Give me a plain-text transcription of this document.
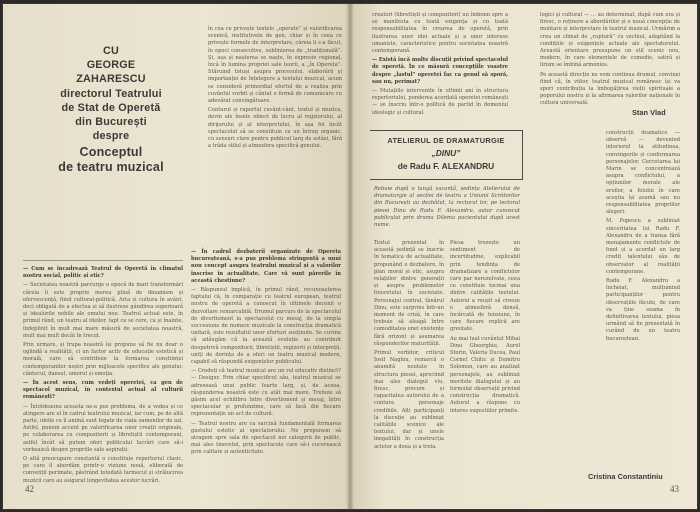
CU
GEORGE
ZAHARESCU
directorul Teatrului
de Stat de Operetă
din București
despre
Conceptul
de teatru muzical

în cea ce privește textele „operate” și valorificarea scenică, institutivele de gen, chiar și în ceea ce privește formele de interpretare, căreia li s-a făcut, în epoci consecutive, sublinierea de „tradițională”. Și, așa și nașterea se naște, în expresie regional, încă în lumina propriei sale teorii, a „în Opereta”. Stăruind totuși asupra procesului, elaborării și importanței de înțelegere a textului muzical, acum se consideră primordial efortul de a realiza prin cuvântul vorbit și cântat o formă de comunicare cu adevărat convingătoare.

Conturul și raportul cuvânt-cânt, textul și muzica, devin ele însele obiect de lucru al regizorului, al dirijorului și al interpretului, în așa fel încât spectacolul să se constituie ca un întreg organic, cu sensuri clare pentru publicul larg de astăzi, fără a trăda stilul și atmosfera specifică genului.

— Cum se încadrează Teatrul de Operetă în climatul nostru social, politic și etic?

— Societatea noastră parcurge o epocă de mari transformări căreia îi este proprie mereu plină de dinamism și efervescență, fiind cultural-politică. Arta și cultura în avânt, deci obligată de a efectua și să ilustreze gândirea superioară și idealurile nobile ale omului nou. Teatrul actual este, în primul rând, un teatru al ideilor, fapt ce se cere, ca și înainte, îndeplinit în mult mai mare măsură de societatea noastră, mult mai mult decât în trecut.

Prin urmare, și trupa noastră își propune să fie nu doar o oglindă a realității, ci un factor activ de educație estetică și morală, care să contribuie la formarea conștiinței contemporanilor noștri prin mijloacele specifice ale genului: cântecul, dansul, umorul și emoția.

— În acest sens, cum vedeți operetei, ca gen de spectacol muzical, în contextul actual al culturii românești?

— Întotdeauna aceasta ne-a pus problema, de a vedea și ce atingere are el în cadrul teatrului muzical, iar cum, pe de altă parte, ideile ce îl animă sunt legate de viața oamenilor de azi. Astfel, punem accent pe valorificarea unor creații originale, pe colaborarea cu compozitorii și libretiștii contemporani, astfel încât să putem oferi publicului lucrări care să-i vorbească despre propriile sale aspirații.

O altă preocupare constantă o constituie repertoriul clasic, pe care îl abordăm printr-o viziune nouă, eliberată de convenții perimate, păstrând totodată farmecul și strălucirea muzicii care au asigurat longevitatea acestor lucrări.

— În cadrul dezbaterii organizate de Opereta bucureșteană, s-a pus problema stringentă a unui nou concept asupra teatrului muzical și a valorilor înscrise în actualitate. Care vă sunt părerile în această chestiune?

— Răspunsul implică, în primul rând, recunoașterea faptului că, în comparație cu teatrul european, teatrul nostru de operetă a cunoscut în ultimele decenii o dezvoltare remarcabilă. Drumul parcurs de la spectacolul de divertisment la spectacolul cu mesaj, de la simpla succesiune de numere muzicale la construcția dramatică unitară, este rezultatul unor eforturi susținute. Se cuvine să adăugăm că la această evoluție au contribuit deopotrivă compozitorii, libretiștii, regizorii și interpreții, uniți de dorința de a oferi un teatru muzical modern, capabil să răspundă exigențelor publicului.

— Credeți că teatrul muzical are un rol educativ distinct? — Desigur. Prin chiar specificul său, teatrul muzical se adresează unui public foarte larg, și, de aceea, răspunderea noastră este cu atât mai mare. Trebuie să găsim acel echilibru între divertisment și mesaj, între spectacular și profunzime, care să facă din fiecare reprezentație un act de cultură.

— Teatrul nostru are ca sarcină fundamentală formarea gustului estetic al spectatorului. Ne propunem să atragem spre sala de spectacol noi categorii de public, mai ales tineretul, prin spectacole care să-i cucerească prin calitate și autenticitate.

42

creatori (librettiști și compozitori) un îndemn spre a se manifesta cu toată exigența și cu toată responsabilitatea în crearea de operetă, prin ilustrarea unor idei actuale și a unor interese umaniste, caracteristice pentru societatea noastră contemporană.

— Există încă multe discuții privind spectacolul de operetă. În ce măsură concepțiile voastre despre „lastul” operetei fac ca genul să sporă, sau nu, perimat?

— Mutațiile intervenite în ultimii ani în structura repertoriului, ponderea acordată operetei românești — se înscriu într-o politică de partid în domeniul ideologic și cultural.

logici și cultural — ... au determinat, după cum era și firesc, o reținere a abordărilor și o nouă concepție de montare și interpretare în teatrul muzical. Urmărim a crea un climat de „ruptură” cu vechiul, adaptând la condițiile și exigențele actuale ale spectatorului. Această orientare presupune un stil scenic nou, modern, în care elementele de comedie, satiră și lirism se îmbină armonios.

Pe această direcție ne vom continua drumul, convinși fiind că, în viitor, teatrul muzical românesc își va spori contribuția la îmbogățirea vieții spirituale a poporului nostru și la afirmarea valorilor naționale în cultura universală.

Stan Vlad
ATELIERUL DE DRAMATURGIE
„DINU”
de Radu F. ALEXANDRU
Rebuie după o lungă vacanță, ședința Atelierului de dramaturgie al secției de teatru a Uniunii Scriitorilor din București au dezbătut, la rectorul lor, pe lectorul piesei Dinu de Radu F. Alexandru, autor cunoscut publicului prin drama Dilema pacientului după acest nume.

Textul prezentat în această ședință se înscrie în tematica de actualitate, propunând o dezbatere, în plan moral și etic, asupra relațiilor dintre generații și asupra problemelor tineretului în societate. Personajul central, tânărul Dinu, este surprins într-un moment de criză, în care trebuie să aleagă între comoditatea unei existențe fără orizont și asumarea răspunderilor maturității.

Primul vorbitor, criticul Iosif Naghiu, remarcă o anumită noutate în structura piesei, apreciind mai ales dialogul viu, firesc, precum și capacitatea autorului de a contura personaje credibile. Alți participanți la discuție au subliniat calitățile scenice ale textului, dar și unele inegalități în construcția actelor a doua și a treia.

Piesa trezește un sentiment de incertitudine, explicabil prin tendința de dramatizare a conflictelor care par nerezolvate, ceea ce constituie tocmai una dintre calitățile textului. Autorul a reușit să creeze o atmosferă densă, încărcată de tensiune, în care fiecare replică are greutate.

Au mai luat cuvântul Mihai Dinu Gheorghiu, Aurel Storin, Valeria Ducea, Paul Cornel Chitic și Dumitru Solomon, care au analizat personajele, au subliniat meritele dialogului și au formulat observații privind construcția dramatică. Autorul a răspuns cu interes sugestiilor primite.

construcții dramatice — observă — devenind interiorul la atitudinea, convingerile și conformarea personajelor. Cercetarea lui Marin se concentrează asupra conflictului, a opțiunilor morale ale eroilor, a felului în care aceștia își asumă sau nu responsabilitatea propriilor alegeri.

M. Popescu a subliniat sinceritatea lui Radu F. Alexandru de a tranșa fără menajamente conflictele de fond și a acordat un larg credit talentului său de observator al realității contemporane.

Radu F. Alexandru a încheiat, mulțumind participanților pentru observațiile făcute, de care va ține seama în definitivarea textului, piesa urmând să fie prezentată în curând de un teatru bucureștean.

Cristina Constantiniu
43
